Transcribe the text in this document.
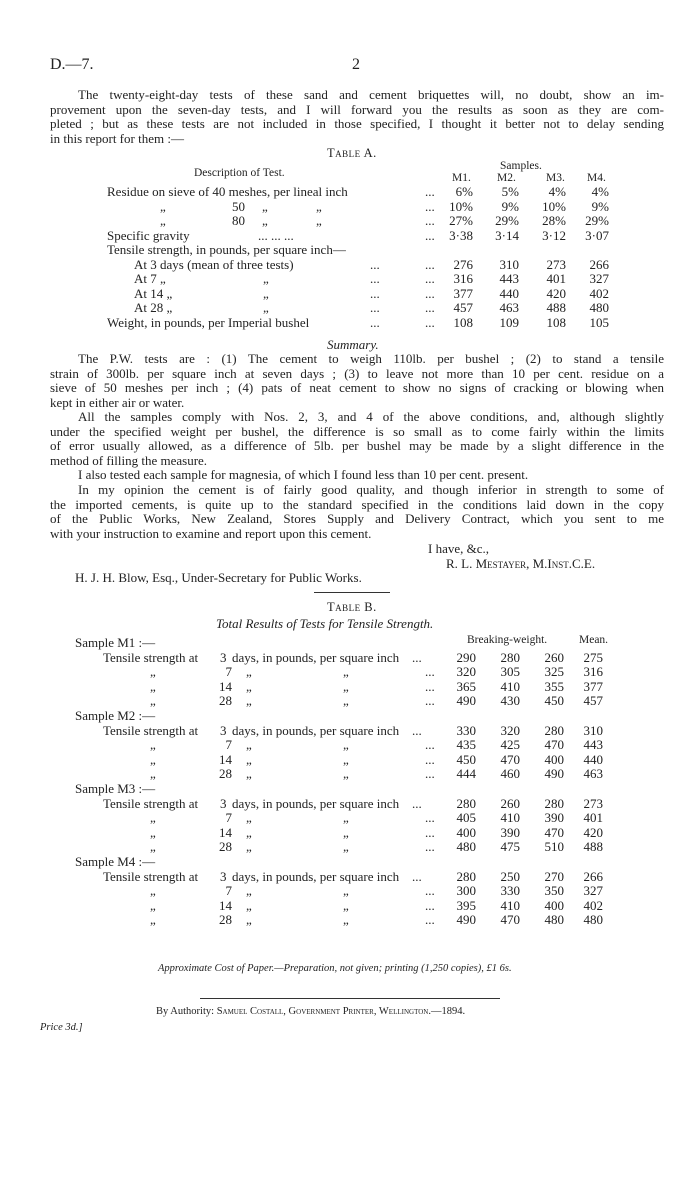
D.—7.	2
The twenty-eight-day tests of these sand and cement briquettes will, no doubt, show an im-
provement upon the seven-day tests, and I will forward you the results as soon as they are com-
pleted ; but as these tests are not included in those specified, I thought it better not to delay sending
in this report for them :—
Table A.
Description of Test.
Samples.
M1. M2.	M3. M4.
Residue on sieve of 40 meshes, per lineal inch	... 6% 5% 4% 4%
„	50 „	„	... 10% 9% 10% 9%
„	80 „	„	... 27% 29% 28% 29%
Specific gravity	... ... ...	... 3·38 3·14 3·12 3·07
Tensile strength, in pounds, per square inch—
At 3 days (mean of three tests)	...	... 276 310 273 266
At 7 „	„	...	... 316 443 401 327
At 14 „	„	...	... 377 440 420 402
At 28 „	„	...	... 457 463 488 480
Weight, in pounds, per Imperial bushel	...	... 108 109 108 105
Summary.
The P.W. tests are : (1) The cement to weigh 110lb. per bushel ; (2) to stand a tensile
strain of 300lb. per square inch at seven days ; (3) to leave not more than 10 per cent. residue on a
sieve of 50 meshes per inch ; (4) pats of neat cement to show no signs of cracking or blowing when
kept in either air or water.
All the samples comply with Nos. 2, 3, and 4 of the above conditions, and, although slightly
under the specified weight per bushel, the difference is so small as to come fairly within the limits
of error usually allowed, as a difference of 5lb. per bushel may be made by a slight difference in the
method of filling the measure.
I also tested each sample for magnesia, of which I found less than 10 per cent. present.
In my opinion the cement is of fairly good quality, and though inferior in strength to some of
the imported cements, is quite up to the standard specified in the conditions laid down in the copy
of the Public Works, New Zealand, Stores Supply and Delivery Contract, which you sent to me
with your instruction to examine and report upon this cement.
I have, &c.,
R. L. Mestayer, M.Inst.C.E.
H. J. H. Blow, Esq., Under-Secretary for Public Works.
Table B.
Total Results of Tests for Tensile Strength.
Breaking-weight.	Mean.
Sample M1 :—
Tensile strength at 3 days, in pounds, per square inch ...	290 280 260 275
„	7 „	„	... 320 305 325 316
„	14 „	„	... 365 410 355 377
„	28 „	„	... 490 430 450 457
Sample M2 :—
Tensile strength at 3 days, in pounds, per square inch ...	330 320 280 310
„	7 „	„	... 435 425 470 443
„	14 „	„	... 450 470 400 440
„	28 „	„	... 444 460 490 463
Sample M3 :—
Tensile strength at 3 days, in pounds, per square inch ...	280 260 280 273
„	7 „	„	... 405 410 390 401
„	14 „	„	... 400 390 470 420
„	28 „	„	... 480 475 510 488
Sample M4 :—
Tensile strength at 3 days, in pounds, per square inch ...	280 250 270 266
„	7 „	„	... 300 330 350 327
„	14 „	„	... 395 410 400 402
„	28 „	„	... 490 470 480 480
Approximate Cost of Paper.—Preparation, not given; printing (1,250 copies), £1 6s.
By Authority: Samuel Costall, Government Printer, Wellington.—1894.
Price 3d.]
